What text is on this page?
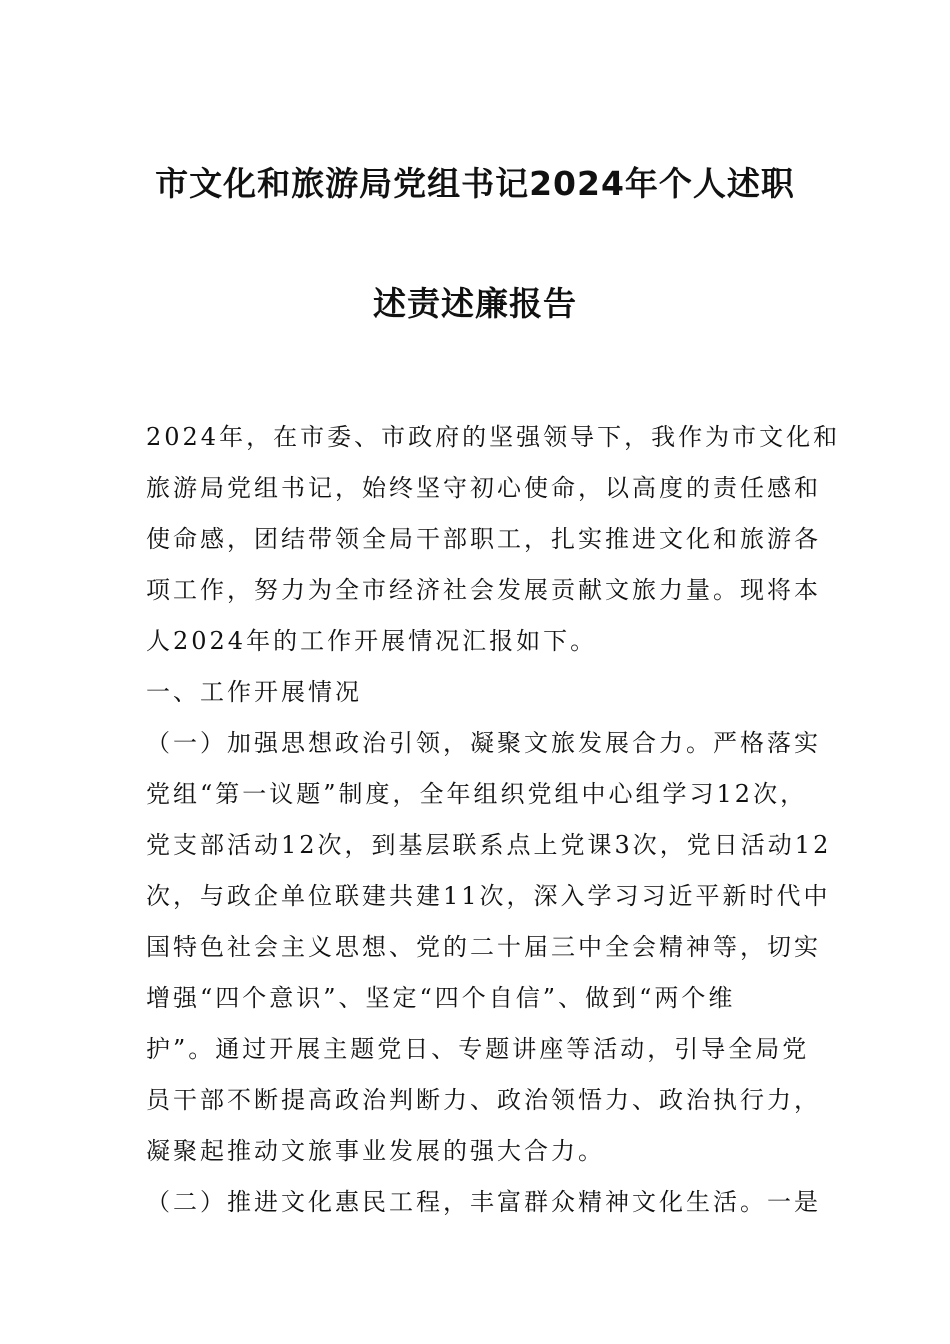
市文化和旅游局党组书记2024年个人述职
述责述廉报告
2024年，在市委、市政府的坚强领导下，我作为市文化和
旅游局党组书记，始终坚守初心使命，以高度的责任感和
使命感，团结带领全局干部职工，扎实推进文化和旅游各
项工作，努力为全市经济社会发展贡献文旅力量。现将本
人2024年的工作开展情况汇报如下。
一、工作开展情况
（一）加强思想政治引领，凝聚文旅发展合力。严格落实
党组“第一议题”制度，全年组织党组中心组学习12次，
党支部活动12次，到基层联系点上党课3次，党日活动12
次，与政企单位联建共建11次，深入学习习近平新时代中
国特色社会主义思想、党的二十届三中全会精神等，切实
增强“四个意识”、坚定“四个自信”、做到“两个维
护”。通过开展主题党日、专题讲座等活动，引导全局党
员干部不断提高政治判断力、政治领悟力、政治执行力，
凝聚起推动文旅事业发展的强大合力。
（二）推进文化惠民工程，丰富群众精神文化生活。一是
